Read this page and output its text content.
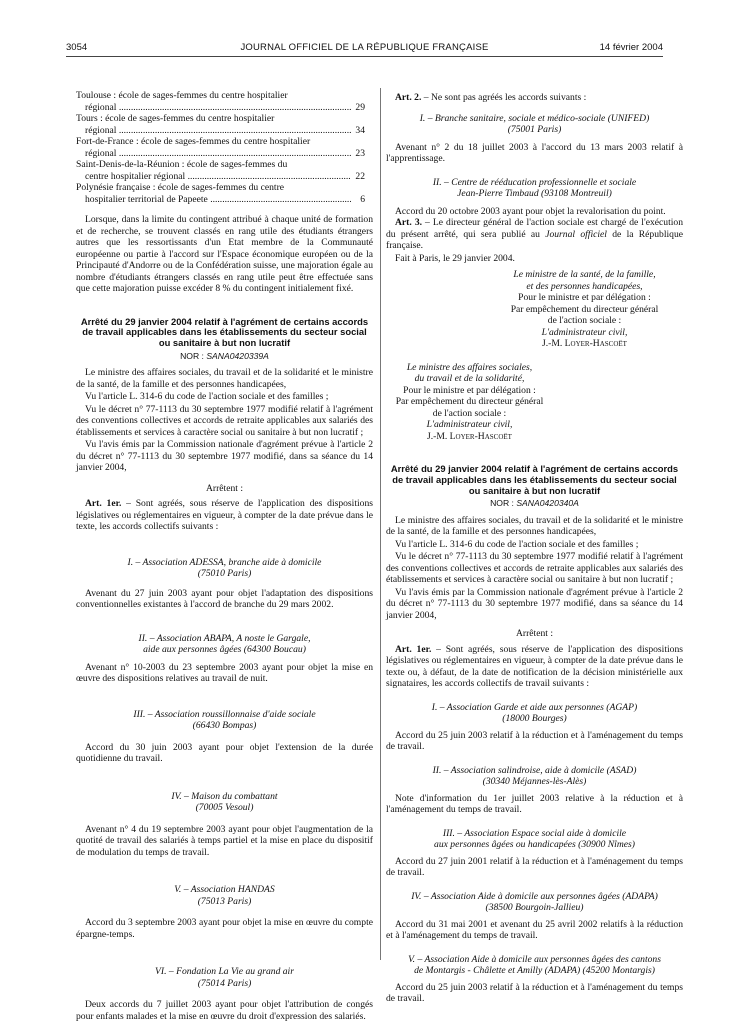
3054	JOURNAL OFFICIEL DE LA RÉPUBLIQUE FRANÇAISE	14 février 2004
Toulouse : école de sages-femmes du centre hospitalier
régional .....	29
Tours : école de sages-femmes du centre hospitalier
régional .....	34
Fort-de-France : école de sages-femmes du centre hospitalier
régional .....	23
Saint-Denis-de-la-Réunion : école de sages-femmes du
centre hospitalier régional .....	22
Polynésie française : école de sages-femmes du centre
hospitalier territorial de Papeete .....	6

Lorsque, dans la limite du contingent attribué à chaque unité de formation et de recherche, se trouvent classés en rang utile des étudiants étrangers autres que les ressortissants d'un Etat membre de la Communauté européenne ou partie à l'accord sur l'Espace économique européen ou de la Principauté d'Andorre ou de la Confédération suisse, une majoration égale au nombre d'étudiants étrangers classés en rang utile peut être effectuée sans que cette majoration puisse excéder 8 % du contingent initialement fixé.

Arrêté du 29 janvier 2004 relatif à l'agrément de certains accords de travail applicables dans les établissements du secteur social ou sanitaire à but non lucratif
NOR : SANA0420339A

Le ministre des affaires sociales, du travail et de la solidarité et le ministre de la santé, de la famille et des personnes handicapées,

Vu l'article L. 314-6 du code de l'action sociale et des familles ;

Vu le décret n° 77-1113 du 30 septembre 1977 modifié relatif à l'agrément des conventions collectives et accords de retraite applicables aux salariés des établissements et services à caractère social ou sanitaire à but non lucratif ;

Vu l'avis émis par la Commission nationale d'agrément prévue à l'article 2 du décret n° 77-1113 du 30 septembre 1977 modifié, dans sa séance du 14 janvier 2004,

Arrêtent :

Art. 1er. – Sont agréés, sous réserve de l'application des dispositions législatives ou réglementaires en vigueur, à compter de la date prévue dans le texte, les accords collectifs suivants :

I. – Association ADESSA, branche aide à domicile
(75010 Paris)

Avenant du 27 juin 2003 ayant pour objet l'adaptation des dispositions conventionnelles existantes à l'accord de branche du 29 mars 2002.

II. – Association ABAPA, A noste le Gargale,
aide aux personnes âgées (64300 Boucau)

Avenant n° 10-2003 du 23 septembre 2003 ayant pour objet la mise en œuvre des dispositions relatives au travail de nuit.

III. – Association roussillonnaise d'aide sociale
(66430 Bompas)

Accord du 30 juin 2003 ayant pour objet l'extension de la durée quotidienne du travail.

IV. – Maison du combattant
(70005 Vesoul)

Avenant n° 4 du 19 septembre 2003 ayant pour objet l'augmentation de la quotité de travail des salariés à temps partiel et la mise en place du dispositif de modulation du temps de travail.

V. – Association HANDAS
(75013 Paris)

Accord du 3 septembre 2003 ayant pour objet la mise en œuvre du compte épargne-temps.

VI. – Fondation La Vie au grand air
(75014 Paris)

Deux accords du 7 juillet 2003 ayant pour objet l'attribution de congés pour enfants malades et la mise en œuvre du droit d'expression des salariés.

Art. 2. – Ne sont pas agréés les accords suivants :

I. – Branche sanitaire, sociale et médico-sociale (UNIFED)
(75001 Paris)

Avenant n° 2 du 18 juillet 2003 à l'accord du 13 mars 2003 relatif à l'apprentissage.

II. – Centre de rééducation professionnelle et sociale
Jean-Pierre Timbaud (93108 Montreuil)

Accord du 20 octobre 2003 ayant pour objet la revalorisation du point.

Art. 3. – Le directeur général de l'action sociale est chargé de l'exécution du présent arrêté, qui sera publié au Journal officiel de la République française.

Fait à Paris, le 29 janvier 2004.

Le ministre de la santé, de la famille,
et des personnes handicapées,
Pour le ministre et par délégation :
Par empêchement du directeur général
de l'action sociale :
L'administrateur civil,
J.-M. Loyer-Hascoët
Le ministre des affaires sociales,
du travail et de la solidarité,
Pour le ministre et par délégation :
Par empêchement du directeur général
de l'action sociale :
L'administrateur civil,
J.-M. Loyer-Hascoët
Arrêté du 29 janvier 2004 relatif à l'agrément de certains accords de travail applicables dans les établissements du secteur social ou sanitaire à but non lucratif
NOR : SANA0420340A

Le ministre des affaires sociales, du travail et de la solidarité et le ministre de la santé, de la famille et des personnes handicapées,

Vu l'article L. 314-6 du code de l'action sociale et des familles ;

Vu le décret n° 77-1113 du 30 septembre 1977 modifié relatif à l'agrément des conventions collectives et accords de retraite applicables aux salariés des établissements et services à caractère social ou sanitaire à but non lucratif ;

Vu l'avis émis par la Commission nationale d'agrément prévue à l'article 2 du décret n° 77-1113 du 30 septembre 1977 modifié, dans sa séance du 14 janvier 2004,

Arrêtent :

Art. 1er. – Sont agréés, sous réserve de l'application des dispositions législatives ou réglementaires en vigueur, à compter de la date prévue dans le texte ou, à défaut, de la date de notification de la décision ministérielle aux signataires, les accords collectifs de travail suivants :

I. – Association Garde et aide aux personnes (AGAP)
(18000 Bourges)

Accord du 25 juin 2003 relatif à la réduction et à l'aménagement du temps de travail.

II. – Association salindroise, aide à domicile (ASAD)
(30340 Méjannes-lès-Alès)

Note d'information du 1er juillet 2003 relative à la réduction et à l'aménagement du temps de travail.

III. – Association Espace social aide à domicile
aux personnes âgées ou handicapées (30900 Nîmes)

Accord du 27 juin 2001 relatif à la réduction et à l'aménagement du temps de travail.

IV. – Association Aide à domicile aux personnes âgées (ADAPA)
(38500 Bourgoin-Jallieu)

Accord du 31 mai 2001 et avenant du 25 avril 2002 relatifs à la réduction et à l'aménagement du temps de travail.

V. – Association Aide à domicile aux personnes âgées des cantons
de Montargis - Châlette et Amilly (ADAPA) (45200 Montargis)

Accord du 25 juin 2003 relatif à la réduction et à l'aménagement du temps de travail.
